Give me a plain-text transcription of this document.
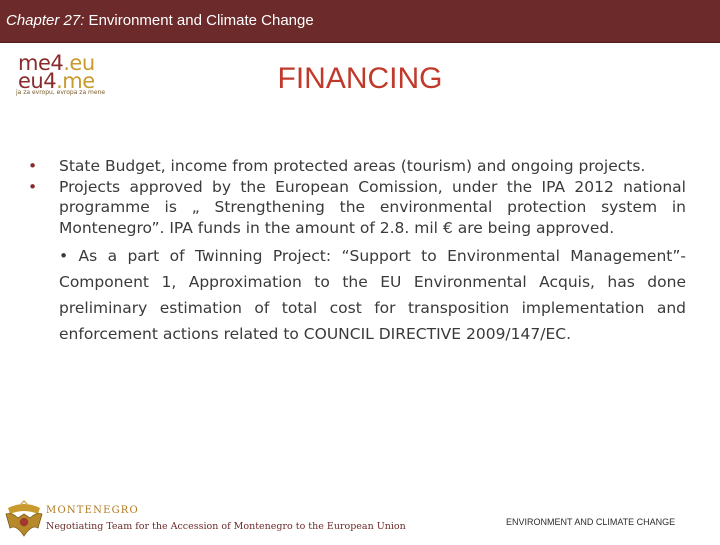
Chapter 27: Environment and Climate Change
me4.eu
eu4.me
ja za evropu, evropa za mene	FINANCING
• State Budget, income from protected areas (tourism) and ongoing projects.
• Projects approved by the European Comission, under the IPA 2012 national programme is „ Strengthening the environmental protection system in Montenegro”. IPA funds in the amount of 2.8. mil € are being approved.
• As a part of Twinning Project: “Support to Environmental Management”- Component 1, Approximation to the EU Environmental Acquis, has done preliminary estimation of total cost for transposition implementation and enforcement actions related to COUNCIL DIRECTIVE 2009/147/EC.
MONTENEGRO
Negotiating Team for the Accession of Montenegro to the European Union	ENVIRONMENT AND CLIMATE CHANGE
